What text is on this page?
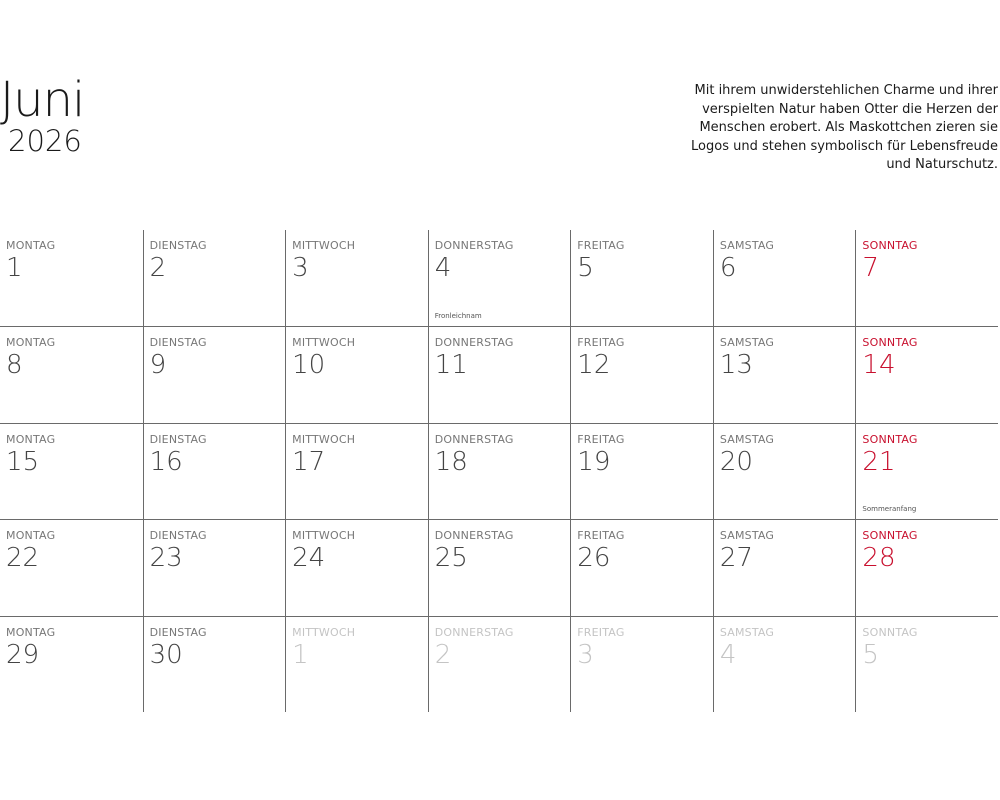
Juni
2026

Mit ihrem unwiderstehlichen Charme und ihrer verspielten Natur haben Otter die Herzen der Menschen erobert. Als Maskottchen zieren sie Logos und stehen symbolisch für Lebensfreude und Naturschutz.

MONTAG
1
DIENSTAG
2
MITTWOCH
3
DONNERSTAG
4
Fronleichnam
FREITAG
5
SAMSTAG
6
SONNTAG
7
MONTAG
8
DIENSTAG
9
MITTWOCH
10
DONNERSTAG
11
FREITAG
12
SAMSTAG
13
SONNTAG
14
MONTAG
15
DIENSTAG
16
MITTWOCH
17
DONNERSTAG
18
FREITAG
19
SAMSTAG
20
SONNTAG
21
Sommeranfang
MONTAG
22
DIENSTAG
23
MITTWOCH
24
DONNERSTAG
25
FREITAG
26
SAMSTAG
27
SONNTAG
28
MONTAG
29
DIENSTAG
30
MITTWOCH
1
DONNERSTAG
2
FREITAG
3
SAMSTAG
4
SONNTAG
5
